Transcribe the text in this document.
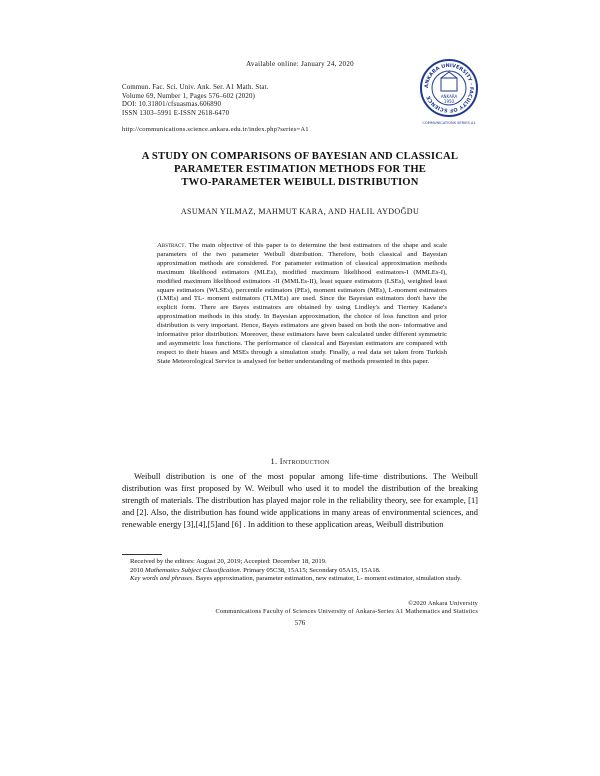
Available online: January 24, 2020
Commun. Fac. Sci. Univ. Ank. Ser. A1 Math. Stat.
Volume 69, Number 1, Pages 576–602 (2020)
DOI: 10.31801/cfsuasmas.606890
ISSN 1303–5991 E-ISSN 2618-6470
ANKARA UNIVERSITY · FACULTY OF SCIENCE	ANKARA
1950
COMMUNICATIONS SERIES A1
http://communications.science.ankara.edu.tr/index.php?series=A1
A STUDY ON COMPARISONS OF BAYESIAN AND CLASSICAL
PARAMETER ESTIMATION METHODS FOR THE
TWO-PARAMETER WEIBULL DISTRIBUTION
ASUMAN YILMAZ, MAHMUT KARA, AND HALIL AYDOĞDU
Abstract. The main objective of this paper is to determine the best estimators of the shape and scale parameters of the two parameter Weibull distribution. Therefore, both classical and Bayesian approximation methods are considered. For parameter estimation of classical approximation methods maximum likelihood estimators (MLEs), modified maximum likelihood estimators-I (MMLEs-I), modified maximum likelihood estimators -II (MMLEs-II), least square estimators (LSEs), weighted least square estimators (WLSEs), percentile estimators (PEs), moment estimators (MEs), L-moment estimators (LMEs) and TL- moment estimators (TLMEs) are used. Since the Bayesian estimators don't have the explicit form. There are Bayes estimators are obtained by using Lindley's and Tierney Kadane's approximation methods in this study. In Bayesian approximation, the choice of loss function and prior distribution is very important. Hence, Bayes estimators are given based on both the non- informative and informative prior distribution. Moreover, these estimators have been calculated under different symmetric and asymmetric loss functions. The performance of classical and Bayesian estimators are compared with respect to their biases and MSEs through a simulation study. Finally, a real data set taken from Turkish State Meteorological Service is analysed for better understanding of methods presented in this paper.
1. Introduction

Weibull distribution is one of the most popular among life-time distributions. The Weibull distribution was first proposed by W. Weibull who used it to model the distribution of the breaking strength of materials. The distribution has played major role in the reliability theory, see for example, [1] and [2]. Also, the distribution has found wide applications in many areas of environmental sciences, and renewable energy [3],[4],[5]and [6] . In addition to these application areas, Weibull distribution

Received by the editors: August 20, 2019; Accepted: December 18, 2019.

2010 Mathematics Subject Classification. Primary 05C38, 15A15; Secondary 05A15, 15A18.

Key words and phrases. Bayes approximation, parameter estimation, new estimator, L- moment estimator, simulation study.

©2020 Ankara University
Communications Faculty of Sciences University of Ankara-Series A1 Mathematics and Statistics
576
